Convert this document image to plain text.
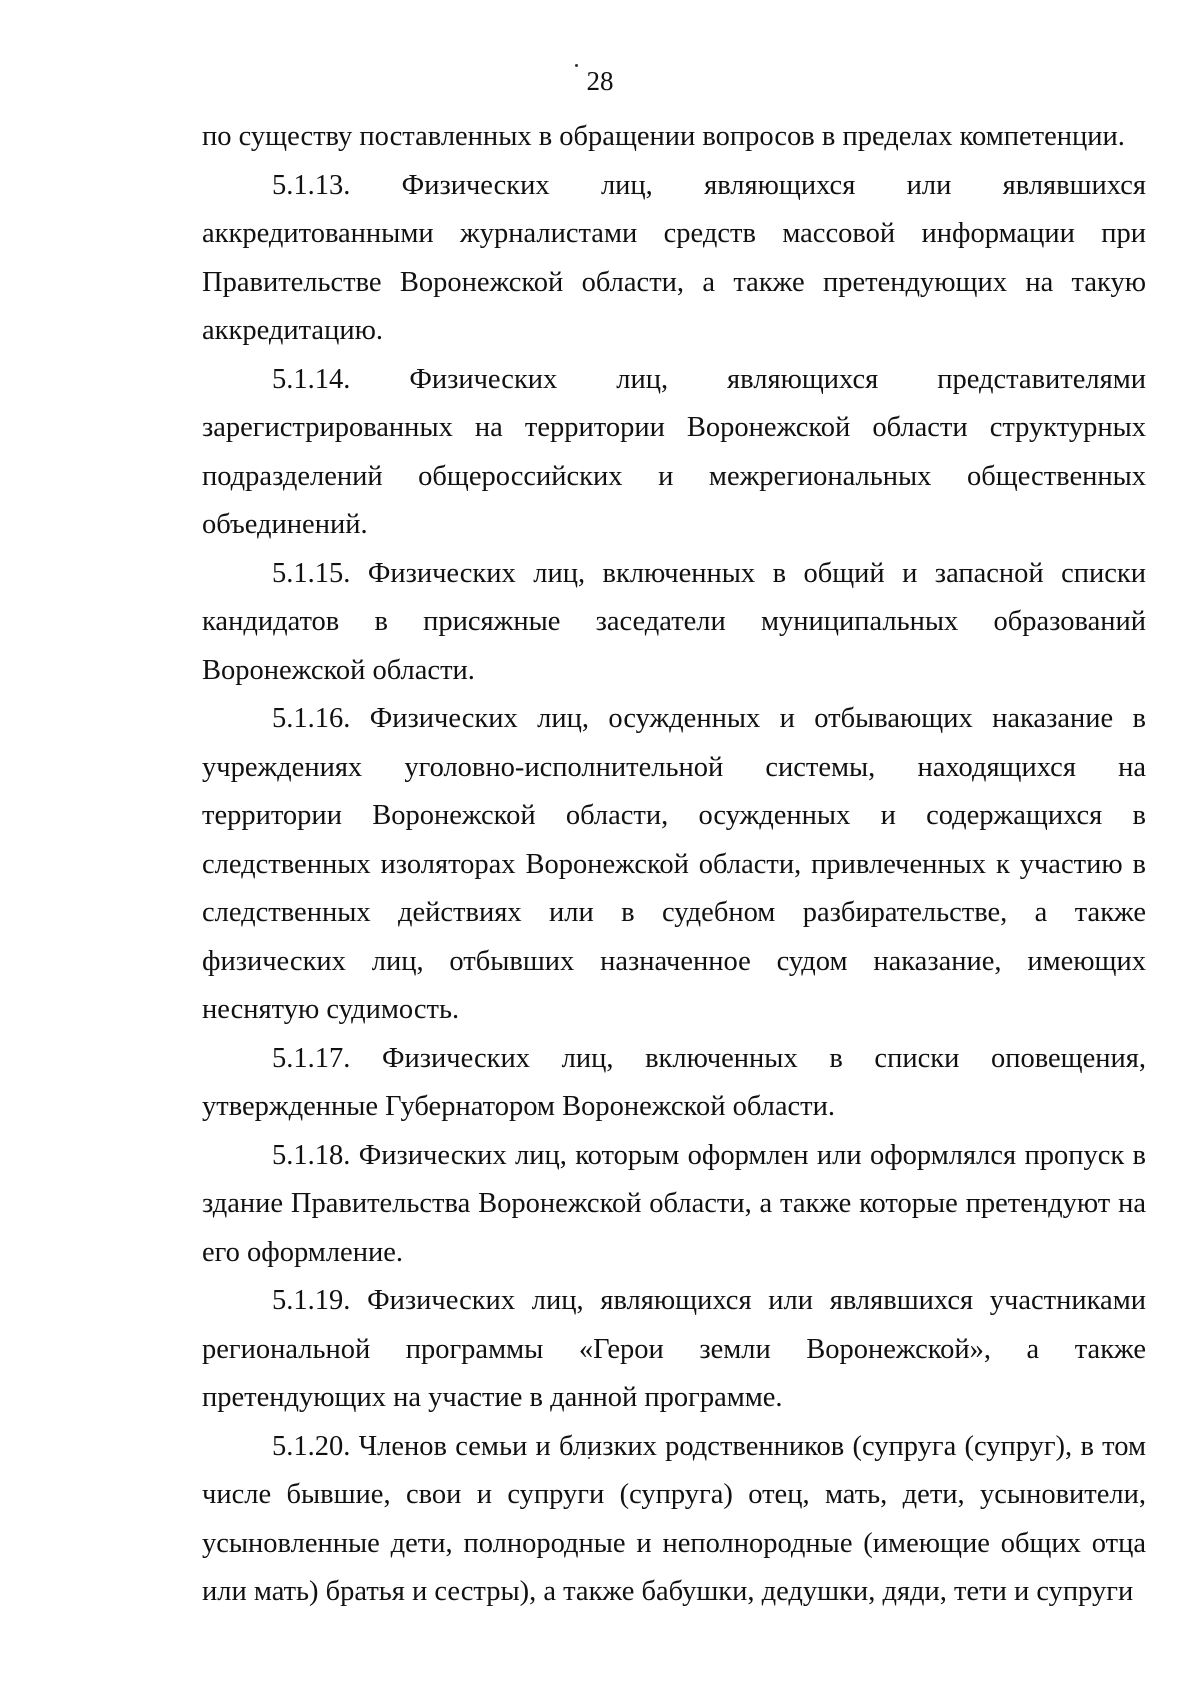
28

по существу поставленных в обращении вопросов в пределах компетенции.

5.1.13. Физических лиц, являющихся или являвшихся аккредитованными журналистами средств массовой информации при Правительстве Воронежской области, а также претендующих на такую аккредитацию.

5.1.14. Физических лиц, являющихся представителями зарегистрированных на территории Воронежской области структурных подразделений общероссийских и межрегиональных общественных объединений.

5.1.15. Физических лиц, включенных в общий и запасной списки кандидатов в присяжные заседатели муниципальных образований Воронежской области.

5.1.16. Физических лиц, осужденных и отбывающих наказание в учреждениях уголовно-исполнительной системы, находящихся на территории Воронежской области, осужденных и содержащихся в следственных изоляторах Воронежской области, привлеченных к участию в следственных действиях или в судебном разбирательстве, а также физических лиц, отбывших назначенное судом наказание, имеющих неснятую судимость.

5.1.17. Физических лиц, включенных в списки оповещения, утвержденные Губернатором Воронежской области.

5.1.18. Физических лиц, которым оформлен или оформлялся пропуск в здание Правительства Воронежской области, а также которые претендуют на его оформление.

5.1.19. Физических лиц, являющихся или являвшихся участниками региональной программы «Герои земли Воронежской», а также претендующих на участие в данной программе.

5.1.20. Членов семьи и близких родственников (супруга (супруг), в том числе бывшие, свои и супруги (супруга) отец, мать, дети, усыновители, усыновленные дети, полнородные и неполнородные (имеющие общих отца или мать) братья и сестры), а также бабушки, дедушки, дяди, тети и супруги
